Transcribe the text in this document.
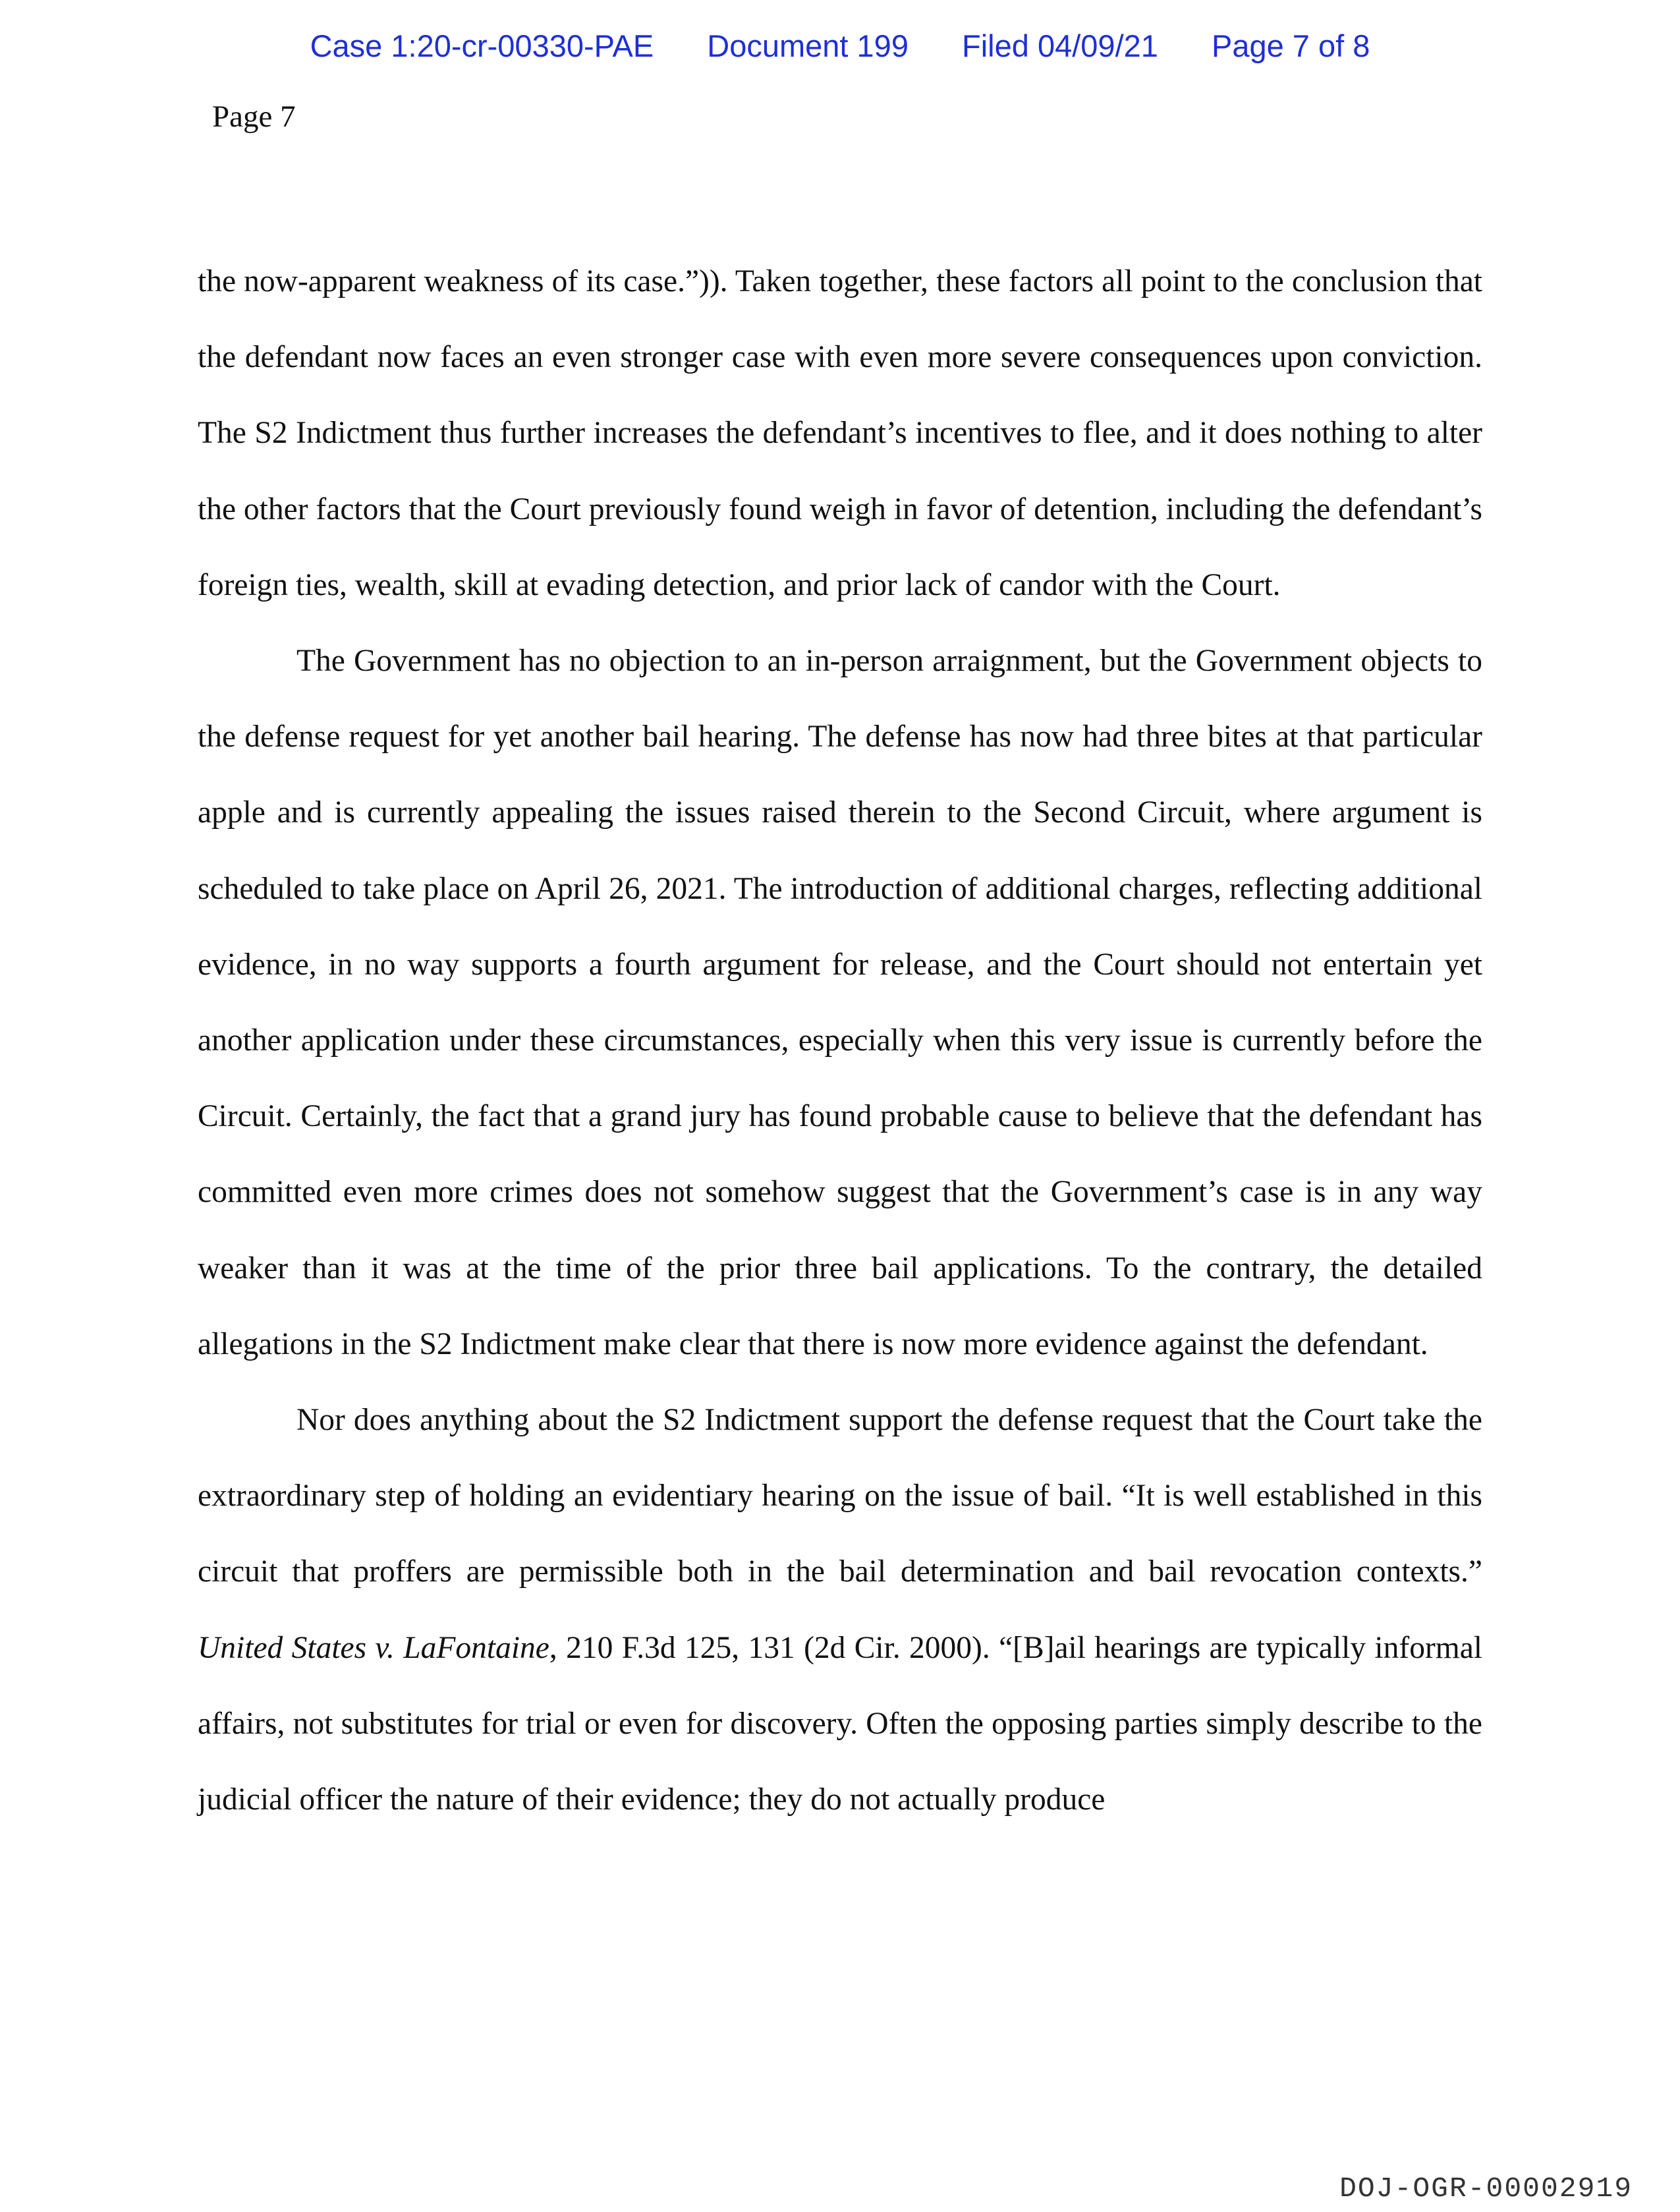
Case 1:20-cr-00330-PAE Document 199 Filed 04/09/21 Page 7 of 8
Page 7

the now-apparent weakness of its case.”)). Taken together, these factors all point to the conclusion that the defendant now faces an even stronger case with even more severe consequences upon conviction. The S2 Indictment thus further increases the defendant’s incentives to flee, and it does nothing to alter the other factors that the Court previously found weigh in favor of detention, including the defendant’s foreign ties, wealth, skill at evading detection, and prior lack of candor with the Court.

The Government has no objection to an in-person arraignment, but the Government objects to the defense request for yet another bail hearing. The defense has now had three bites at that particular apple and is currently appealing the issues raised therein to the Second Circuit, where argument is scheduled to take place on April 26, 2021. The introduction of additional charges, reflecting additional evidence, in no way supports a fourth argument for release, and the Court should not entertain yet another application under these circumstances, especially when this very issue is currently before the Circuit. Certainly, the fact that a grand jury has found probable cause to believe that the defendant has committed even more crimes does not somehow suggest that the Government’s case is in any way weaker than it was at the time of the prior three bail applications. To the contrary, the detailed allegations in the S2 Indictment make clear that there is now more evidence against the defendant.

Nor does anything about the S2 Indictment support the defense request that the Court take the extraordinary step of holding an evidentiary hearing on the issue of bail. “It is well established in this circuit that proffers are permissible both in the bail determination and bail revocation contexts.” United States v. LaFontaine, 210 F.3d 125, 131 (2d Cir. 2000). “[B]ail hearings are typically informal affairs, not substitutes for trial or even for discovery. Often the opposing parties simply describe to the judicial officer the nature of their evidence; they do not actually produce

DOJ-OGR-00002919
